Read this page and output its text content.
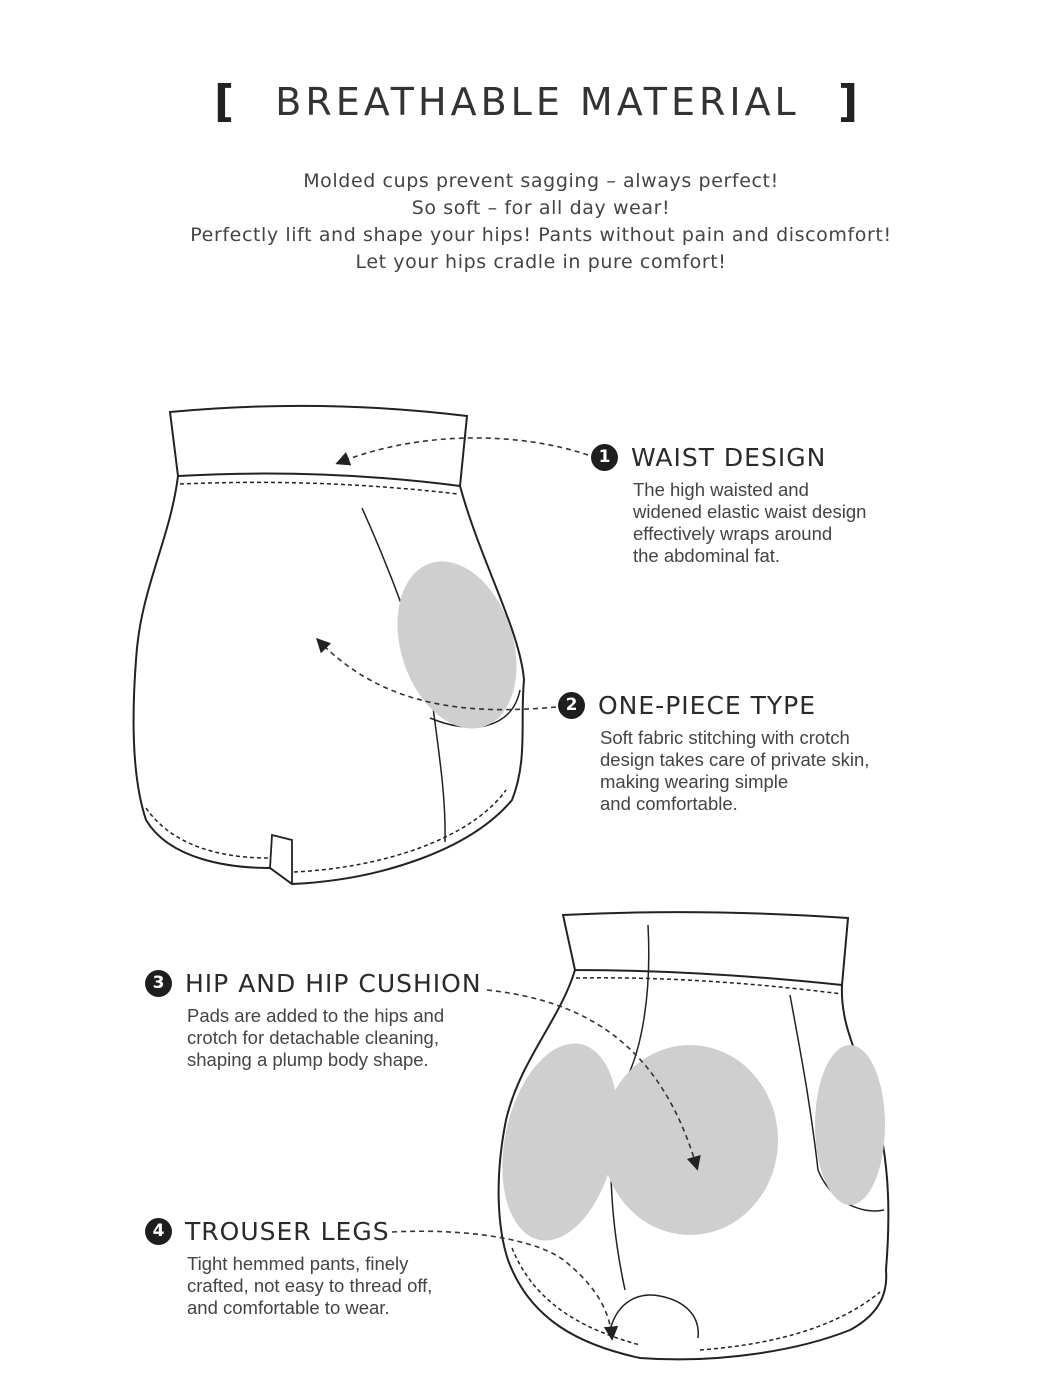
[	BREATHABLE MATERIAL ]
Molded cups prevent sagging – always perfect!
So soft – for all day wear!
Perfectly lift and shape your hips! Pants without pain and discomfort!
Let your hips cradle in pure comfort!
1 WAIST DESIGN
The high waisted and
widened elastic waist design
effectively wraps around
the abdominal fat.
2 ONE-PIECE TYPE
Soft fabric stitching with crotch
design takes care of private skin,
making wearing simple
and comfortable.
3 HIP AND HIP CUSHION
Pads are added to the hips and
crotch for detachable cleaning,
shaping a plump body shape.
4 TROUSER LEGS
Tight hemmed pants, finely
crafted, not easy to thread off,
and comfortable to wear.
